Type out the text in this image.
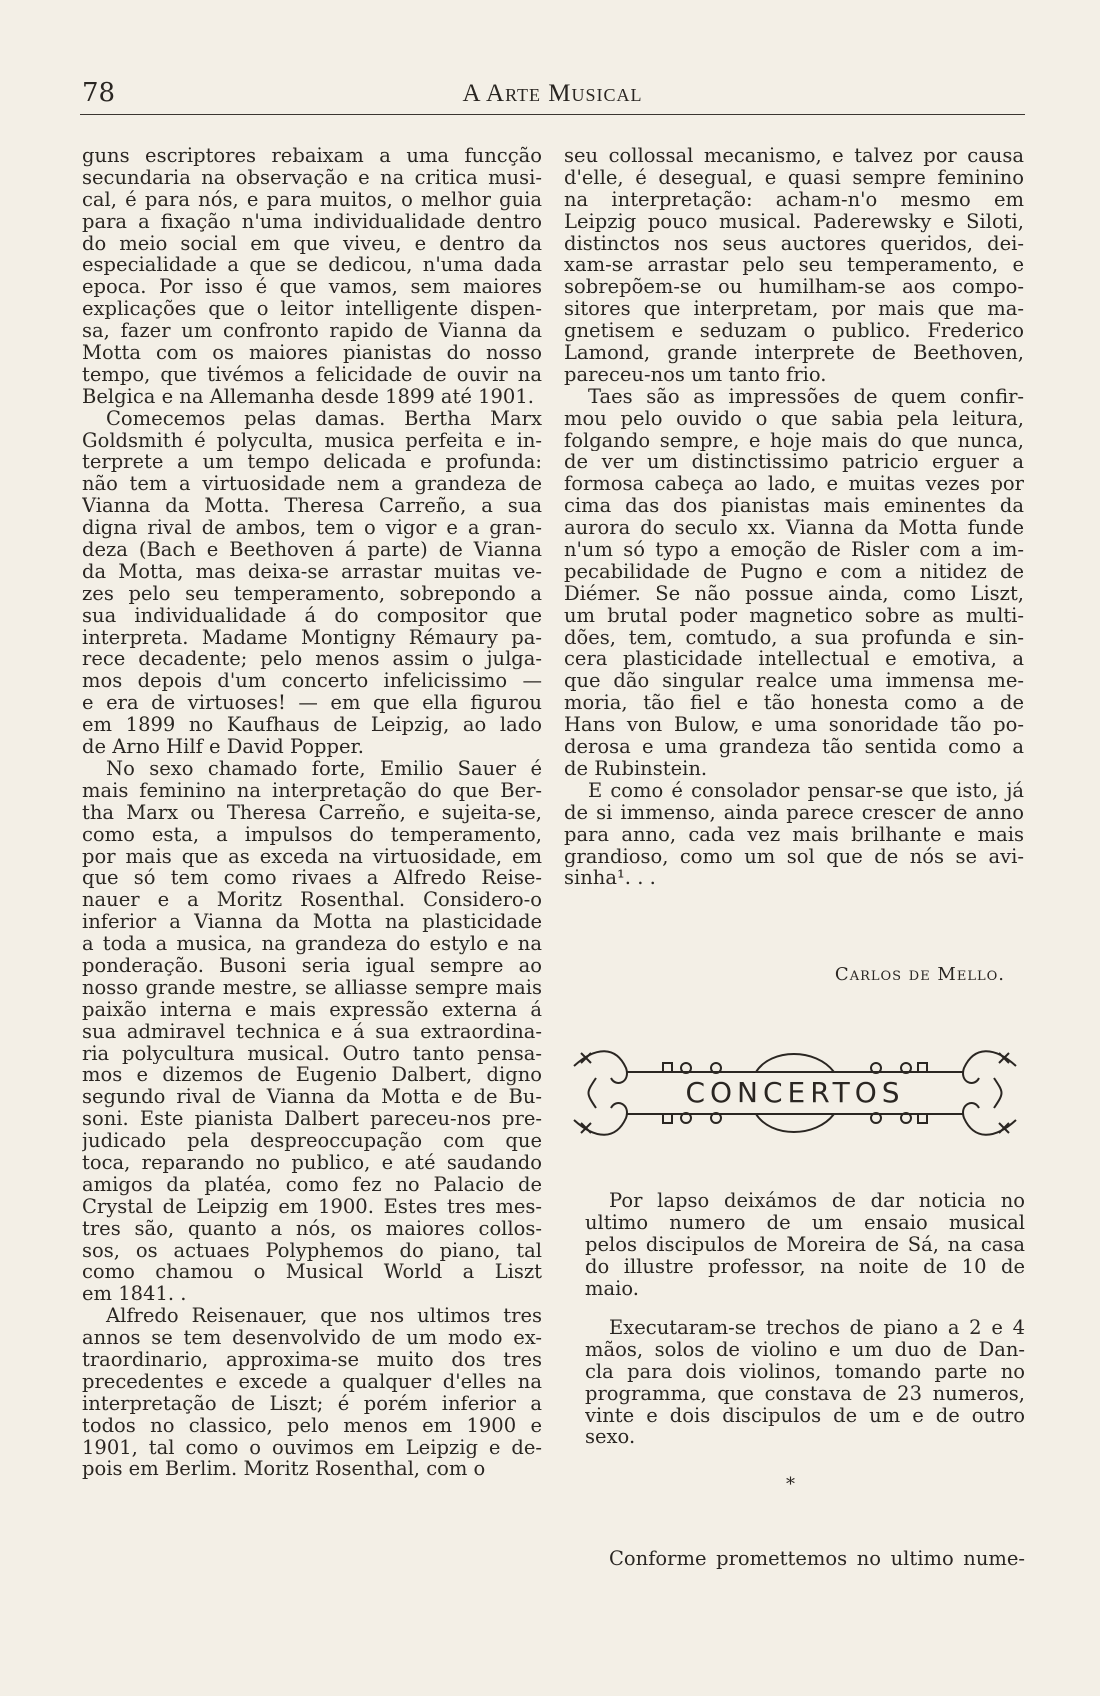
78	A Arte Musical
guns escriptores rebaixam a uma funcção
secundaria na observação e na critica musi-
cal, é para nós, e para muitos, o melhor guia
para a fixação n'uma individualidade dentro
do meio social em que viveu, e dentro da
especialidade a que se dedicou, n'uma dada
epoca. Por isso é que vamos, sem maiores
explicações que o leitor intelligente dispen-
sa, fazer um confronto rapido de Vianna da
Motta com os maiores pianistas do nosso
tempo, que tivémos a felicidade de ouvir na
Belgica e na Allemanha desde 1899 até 1901.
Comecemos pelas damas. Bertha Marx
Goldsmith é polyculta, musica perfeita e in-
terprete a um tempo delicada e profunda:
não tem a virtuosidade nem a grandeza de
Vianna da Motta. Theresa Carreño, a sua
digna rival de ambos, tem o vigor e a gran-
deza (Bach e Beethoven á parte) de Vianna
da Motta, mas deixa-se arrastar muitas ve-
zes pelo seu temperamento, sobrepondo a
sua individualidade á do compositor que
interpreta. Madame Montigny Rémaury pa-
rece decadente; pelo menos assim o julga-
mos depois d'um concerto infelicissimo —
e era de virtuoses! — em que ella figurou
em 1899 no Kaufhaus de Leipzig, ao lado
de Arno Hilf e David Popper.
No sexo chamado forte, Emilio Sauer é
mais feminino na interpretação do que Ber-
tha Marx ou Theresa Carreño, e sujeita-se,
como esta, a impulsos do temperamento,
por mais que as exceda na virtuosidade, em
que só tem como rivaes a Alfredo Reise-
nauer e a Moritz Rosenthal. Considero-o
inferior a Vianna da Motta na plasticidade
a toda a musica, na grandeza do estylo e na
ponderação. Busoni seria igual sempre ao
nosso grande mestre, se alliasse sempre mais
paixão interna e mais expressão externa á
sua admiravel technica e á sua extraordina-
ria polycultura musical. Outro tanto pensa-
mos e dizemos de Eugenio Dalbert, digno
segundo rival de Vianna da Motta e de Bu-
soni. Este pianista Dalbert pareceu-nos pre-
judicado pela despreoccupação com que
toca, reparando no publico, e até saudando
amigos da platéa, como fez no Palacio de
Crystal de Leipzig em 1900. Estes tres mes-
tres são, quanto a nós, os maiores collos-
sos, os actuaes Polyphemos do piano, tal
como chamou o Musical World a Liszt
em 1841. .
Alfredo Reisenauer, que nos ultimos tres
annos se tem desenvolvido de um modo ex-
traordinario, approxima-se muito dos tres
precedentes e excede a qualquer d'elles na
interpretação de Liszt; é porém inferior a
todos no classico, pelo menos em 1900 e
1901, tal como o ouvimos em Leipzig e de-
pois em Berlim. Moritz Rosenthal, com o
seu collossal mecanismo, e talvez por causa
d'elle, é desegual, e quasi sempre feminino
na interpretação: acham-n'o mesmo em
Leipzig pouco musical. Paderewsky e Siloti,
distinctos nos seus auctores queridos, dei-
xam-se arrastar pelo seu temperamento, e
sobrepõem-se ou humilham-se aos compo-
sitores que interpretam, por mais que ma-
gnetisem e seduzam o publico. Frederico
Lamond, grande interprete de Beethoven,
pareceu-nos um tanto frio.
Taes são as impressões de quem confir-
mou pelo ouvido o que sabia pela leitura,
folgando sempre, e hoje mais do que nunca,
de ver um distinctissimo patricio erguer a
formosa cabeça ao lado, e muitas vezes por
cima das dos pianistas mais eminentes da
aurora do seculo xx. Vianna da Motta funde
n'um só typo a emoção de Risler com a im-
pecabilidade de Pugno e com a nitidez de
Diémer. Se não possue ainda, como Liszt,
um brutal poder magnetico sobre as multi-
dões, tem, comtudo, a sua profunda e sin-
cera plasticidade intellectual e emotiva, a
que dão singular realce uma immensa me-
moria, tão fiel e tão honesta como a de
Hans von Bulow, e uma sonoridade tão po-
derosa e uma grandeza tão sentida como a
de Rubinstein.
E como é consolador pensar-se que isto, já
de si immenso, ainda parece crescer de anno
para anno, cada vez mais brilhante e mais
grandioso, como um sol que de nós se avi-
sinha¹. . .
Carlos de Mello.
CONCERTOS
Por lapso deixámos de dar noticia no
ultimo numero de um ensaio musical
pelos discipulos de Moreira de Sá, na casa
do illustre professor, na noite de 10 de
maio.
Executaram-se trechos de piano a 2 e 4
mãos, solos de violino e um duo de Dan-
cla para dois violinos, tomando parte no
programma, que constava de 23 numeros,
vinte e dois discipulos de um e de outro
sexo.
*
Conforme promettemos no ultimo nume-
